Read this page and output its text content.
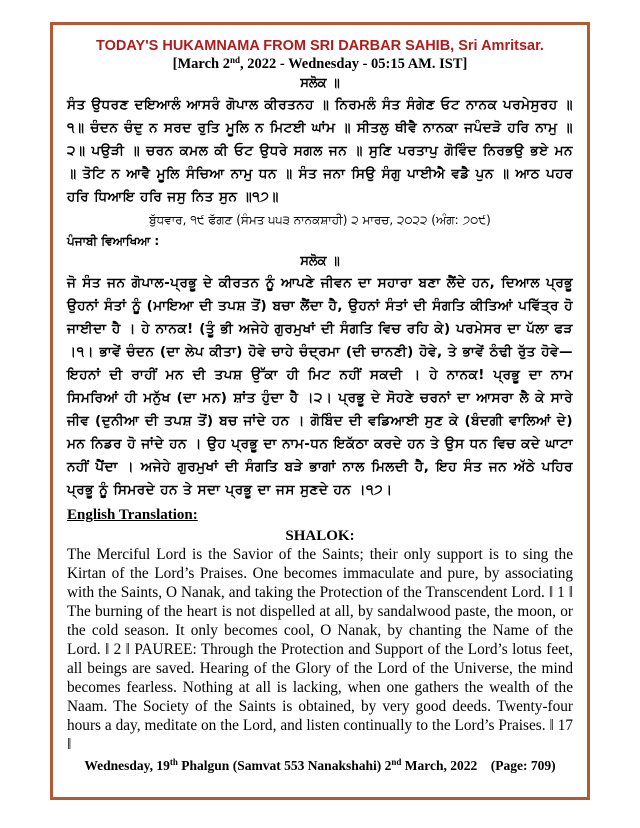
TODAY'S HUKAMNAMA FROM SRI DARBAR SAHIB, Sri Amritsar.
[March 2nd, 2022 - Wednesday - 05:15 AM. IST]
ਸਲੋਕ ॥

ਸੰਤ ਉਧਰਣ ਦਇਆਲੰ ਆਸਰੰ ਗੋਪਾਲ ਕੀਰਤਨਹ ॥ ਨਿਰਮਲੰ ਸੰਤ ਸੰਗੇਣ ਓਟ ਨਾਨਕ ਪਰਮੇਸੁਰਹ ॥੧॥ ਚੰਦਨ ਚੰਦੁ ਨ ਸਰਦ ਰੁਤਿ ਮੂਲਿ ਨ ਮਿਟਈ ਘਾਂਮ ॥ ਸੀਤਲੁ ਥੀਵੈ ਨਾਨਕਾ ਜਪੰਦੜੋ ਹਰਿ ਨਾਮੁ ॥੨॥ ਪਉੜੀ ॥ ਚਰਨ ਕਮਲ ਕੀ ਓਟ ਉਧਰੇ ਸਗਲ ਜਨ ॥ ਸੁਣਿ ਪਰਤਾਪੁ ਗੋਵਿੰਦ ਨਿਰਭਉ ਭਏ ਮਨ ॥ ਤੋਟਿ ਨ ਆਵੈ ਮੂਲਿ ਸੰਚਿਆ ਨਾਮੁ ਧਨ ॥ ਸੰਤ ਜਨਾ ਸਿਉ ਸੰਗੁ ਪਾਈਐ ਵਡੈ ਪੁਨ ॥ ਆਠ ਪਹਰ ਹਰਿ ਧਿਆਇ ਹਰਿ ਜਸੁ ਨਿਤ ਸੁਨ ॥੧੭॥

ਬੁੱਧਵਾਰ, ੧੯ ਫੱਗਣ (ਸੰਮਤ ੫੫੩ ਨਾਨਕਸ਼ਾਹੀ) ੨ ਮਾਰਚ, ੨੦੨੨ (ਅੰਗ: ੭੦੯)
ਪੰਜਾਬੀ ਵਿਆਖਿਆ :
ਸਲੋਕ ॥

ਜੋ ਸੰਤ ਜਨ ਗੋਪਾਲ-ਪ੍ਰਭੂ ਦੇ ਕੀਰਤਨ ਨੂੰ ਆਪਣੇ ਜੀਵਨ ਦਾ ਸਹਾਰਾ ਬਣਾ ਲੈਂਦੇ ਹਨ, ਦਿਆਲ ਪ੍ਰਭੂ ਉਹਨਾਂ ਸੰਤਾਂ ਨੂੰ (ਮਾਇਆ ਦੀ ਤਪਸ਼ ਤੋਂ) ਬਚਾ ਲੈਂਦਾ ਹੈ, ਉਹਨਾਂ ਸੰਤਾਂ ਦੀ ਸੰਗਤਿ ਕੀਤਿਆਂ ਪਵਿੱਤ੍ਰ ਹੋ ਜਾਈਦਾ ਹੈ । ਹੇ ਨਾਨਕ! (ਤੂੰ ਭੀ ਅਜੇਹੇ ਗੁਰਮੁਖਾਂ ਦੀ ਸੰਗਤਿ ਵਿਚ ਰਹਿ ਕੇ) ਪਰਮੇਸਰ ਦਾ ਪੱਲਾ ਫੜ ।੧। ਭਾਵੇਂ ਚੰਦਨ (ਦਾ ਲੇਪ ਕੀਤਾ) ਹੋਵੇ ਚਾਹੇ ਚੰਦ੍ਰਮਾ (ਦੀ ਚਾਨਣੀ) ਹੋਵੇ, ਤੇ ਭਾਵੇਂ ਠੰਢੀ ਰੁੱਤ ਹੋਵੇ—ਇਹਨਾਂ ਦੀ ਰਾਹੀਂ ਮਨ ਦੀ ਤਪਸ਼ ਉੱਕਾ ਹੀ ਮਿਟ ਨਹੀਂ ਸਕਦੀ । ਹੇ ਨਾਨਕ! ਪ੍ਰਭੂ ਦਾ ਨਾਮ ਸਿਮਰਿਆਂ ਹੀ ਮਨੁੱਖ (ਦਾ ਮਨ) ਸ਼ਾਂਤ ਹੁੰਦਾ ਹੈ ।੨। ਪ੍ਰਭੂ ਦੇ ਸੋਹਣੇ ਚਰਨਾਂ ਦਾ ਆਸਰਾ ਲੈ ਕੇ ਸਾਰੇ ਜੀਵ (ਦੁਨੀਆ ਦੀ ਤਪਸ਼ ਤੋਂ) ਬਚ ਜਾਂਦੇ ਹਨ । ਗੋਬਿੰਦ ਦੀ ਵਡਿਆਈ ਸੁਣ ਕੇ (ਬੰਦਗੀ ਵਾਲਿਆਂ ਦੇ) ਮਨ ਨਿਡਰ ਹੋ ਜਾਂਦੇ ਹਨ । ਉਹ ਪ੍ਰਭੂ ਦਾ ਨਾਮ-ਧਨ ਇਕੱਠਾ ਕਰਦੇ ਹਨ ਤੇ ਉਸ ਧਨ ਵਿਚ ਕਦੇ ਘਾਟਾ ਨਹੀਂ ਪੈਂਦਾ । ਅਜੇਹੇ ਗੁਰਮੁਖਾਂ ਦੀ ਸੰਗਤਿ ਬੜੇ ਭਾਗਾਂ ਨਾਲ ਮਿਲਦੀ ਹੈ, ਇਹ ਸੰਤ ਜਨ ਅੱਠੇ ਪਹਿਰ ਪ੍ਰਭੂ ਨੂੰ ਸਿਮਰਦੇ ਹਨ ਤੇ ਸਦਾ ਪ੍ਰਭੂ ਦਾ ਜਸ ਸੁਣਦੇ ਹਨ ।੧੭।

English Translation:
SHALOK:

The Merciful Lord is the Savior of the Saints; their only support is to sing the Kirtan of the Lord’s Praises. One becomes immaculate and pure, by associating with the Saints, O Nanak, and taking the Protection of the Transcendent Lord. ‖ 1 ‖ The burning of the heart is not dispelled at all, by sandalwood paste, the moon, or the cold season. It only becomes cool, O Nanak, by chanting the Name of the Lord. ‖ 2 ‖ PAUREE: Through the Protection and Support of the Lord’s lotus feet, all beings are saved. Hearing of the Glory of the Lord of the Universe, the mind becomes fearless. Nothing at all is lacking, when one gathers the wealth of the Naam. The Society of the Saints is obtained, by very good deeds. Twenty-four hours a day, meditate on the Lord, and listen continually to the Lord’s Praises. ‖ 17 ‖

Wednesday, 19th Phalgun (Samvat 553 Nanakshahi) 2nd March, 2022 (Page: 709)
